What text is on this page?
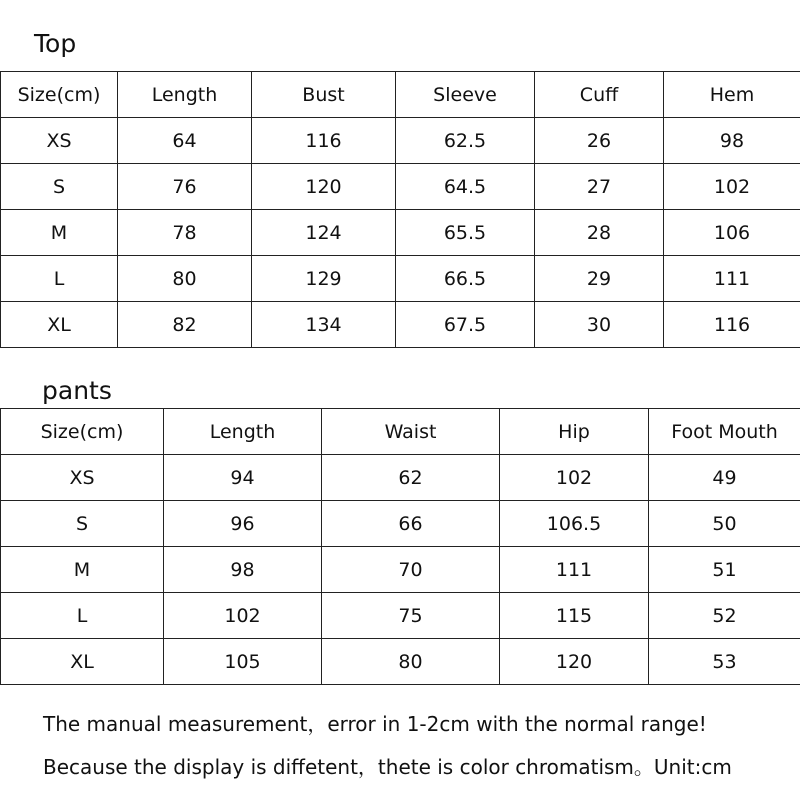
Top
Size(cm)	Length	Bust	Sleeve	Cuff	Hem
XS	64	116	62.5	26	98
S	76	120	64.5	27	102
M	78	124	65.5	28	106
L	80	129	66.5	29	111
XL	82	134	67.5	30	116
pants
Size(cm)	Length	Waist	Hip	Foot Mouth
XS	94	62	102	49
S	96	66	106.5	50
M	98	70	111	51
L	102	75	115	52
XL	105	80	120	53

The manual measurement，error in 1-2cm with the normal range!

Because the display is diffetent，thete is color chromatism。Unit:cm
